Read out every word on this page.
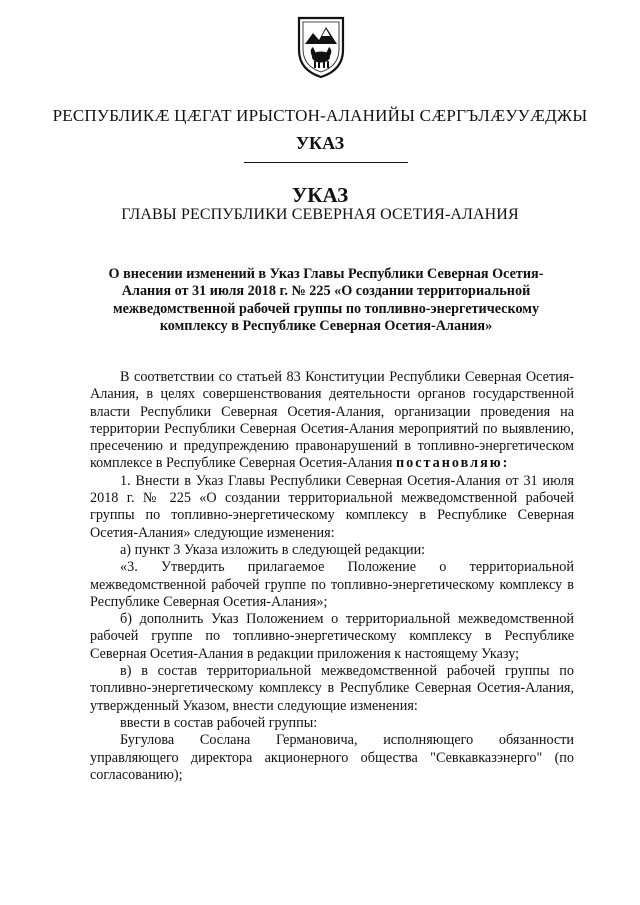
РЕСПУБЛИКӔ ЦӔГАТ ИРЫСТОН-АЛАНИЙЫ СӔРГЪЛӔУУӔДЖЫ
УКАЗ
УКАЗ
ГЛАВЫ РЕСПУБЛИКИ СЕВЕРНАЯ ОСЕТИЯ-АЛАНИЯ
О внесении изменений в Указ Главы Республики Северная Осетия-Алания от 31 июля 2018 г. № 225 «О создании территориальной межведомственной рабочей группы по топливно-энергетическому комплексу в Республике Северная Осетия-Алания»

В соответствии со статьей 83 Конституции Республики Северная Осетия-Алания, в целях совершенствования деятельности органов государственной власти Республики Северная Осетия-Алания, организации проведения на территории Республики Северная Осетия-Алания мероприятий по выявлению, пресечению и предупреждению правонарушений в топливно-энергетическом комплексе в Республике Северная Осетия-Алания постановляю:

1. Внести в Указ Главы Республики Северная Осетия-Алания от 31 июля 2018 г. № 225 «О создании территориальной межведомственной рабочей группы по топливно-энергетическому комплексу в Республике Северная Осетия-Алания» следующие изменения:

а) пункт 3 Указа изложить в следующей редакции:

«3. Утвердить прилагаемое Положение о территориальной межведомственной рабочей группе по топливно-энергетическому комплексу в Республике Северная Осетия-Алания»;

б) дополнить Указ Положением о территориальной межведомственной рабочей группе по топливно-энергетическому комплексу в Республике Северная Осетия-Алания в редакции приложения к настоящему Указу;

в) в состав территориальной межведомственной рабочей группы по топливно-энергетическому комплексу в Республике Северная Осетия-Алания, утвержденный Указом, внести следующие изменения:

ввести в состав рабочей группы:

Бугулова Сослана Германовича, исполняющего обязанности управляющего директора акционерного общества "Севкавказэнерго" (по согласованию);
